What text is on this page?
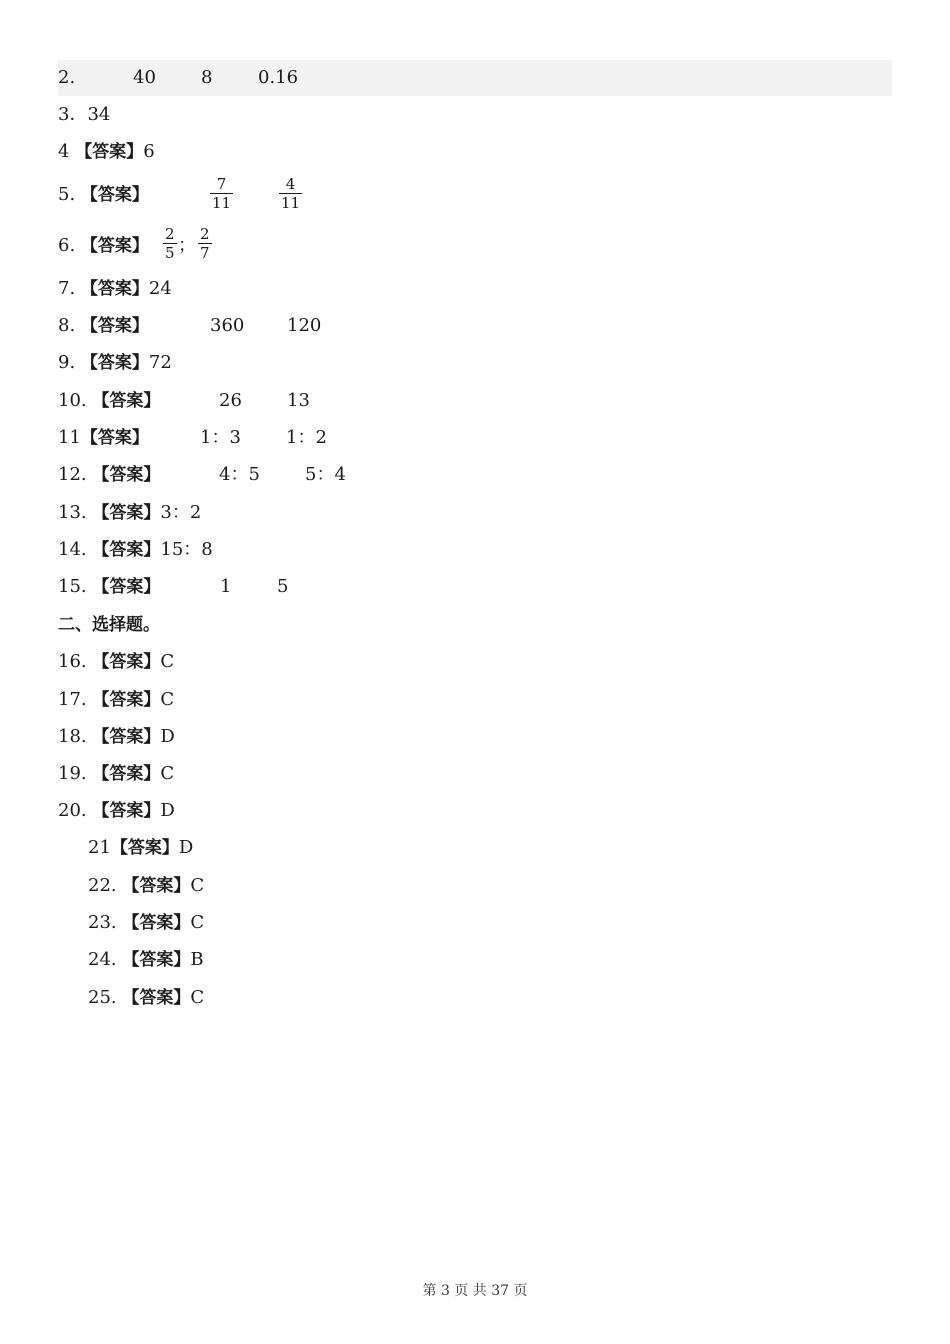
2.	40	8	0.16
3．34
4 【答案】6
5. 【答案】	$\frac{7}{11}$	$\frac{4}{11}$
6. 【答案】 $\frac{2}{5}$ ； $\frac{2}{7}$
7. 【答案】24
8. 【答案】	360 120
9. 【答案】72
10. 【答案】	26	13
11【答案】	1：3	1：2
12. 【答案】	4：5	5：4
13. 【答案】3：2
14. 【答案】15：8
15. 【答案】	1	5
二、选择题。
16. 【答案】C
17. 【答案】C
18. 【答案】D
19. 【答案】C
20. 【答案】D
21【答案】D
22. 【答案】C
23. 【答案】C
24. 【答案】B
25. 【答案】C
第 3 页 共 37 页
